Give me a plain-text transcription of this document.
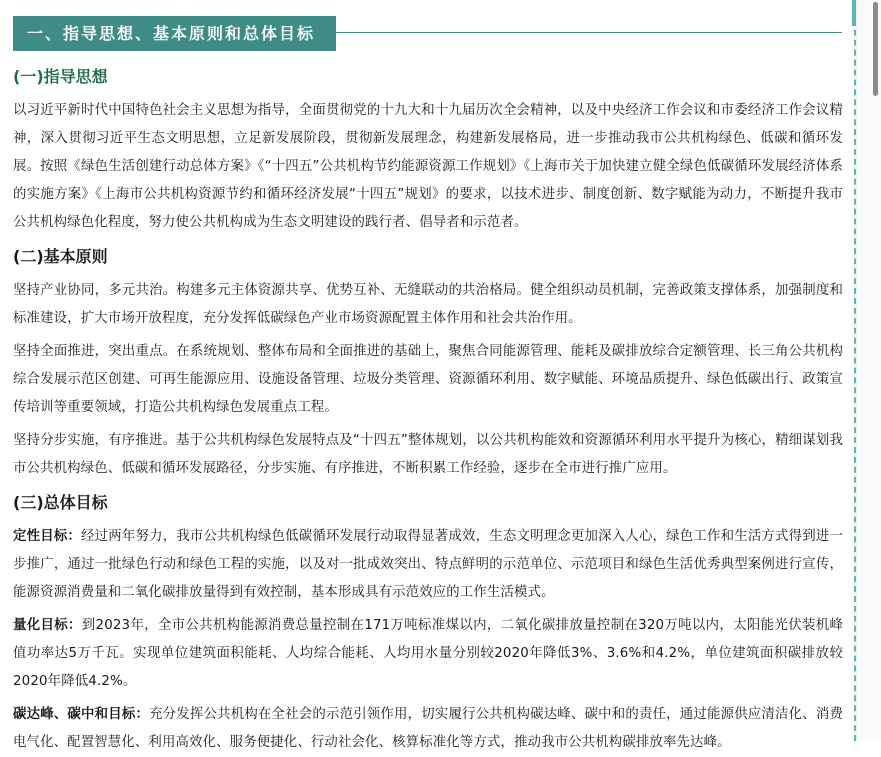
一、指导思想、基本原则和总体目标

(一)指导思想

以习近平新时代中国特色社会主义思想为指导，全面贯彻党的十九大和十九届历次全会精神，以及中央经济工作会议和市委经济工作会议精神，深入贯彻习近平生态文明思想，立足新发展阶段，贯彻新发展理念，构建新发展格局，进一步推动我市公共机构绿色、低碳和循环发展。按照《绿色生活创建行动总体方案》《“十四五”公共机构节约能源资源工作规划》《上海市关于加快建立健全绿色低碳循环发展经济体系的实施方案》《上海市公共机构资源节约和循环经济发展“十四五”规划》的要求，以技术进步、制度创新、数字赋能为动力，不断提升我市公共机构绿色化程度，努力使公共机构成为生态文明建设的践行者、倡导者和示范者。

(二)基本原则

坚持产业协同，多元共治。构建多元主体资源共享、优势互补、无缝联动的共治格局。健全组织动员机制，完善政策支撑体系，加强制度和标准建设，扩大市场开放程度，充分发挥低碳绿色产业市场资源配置主体作用和社会共治作用。

坚持全面推进，突出重点。在系统规划、整体布局和全面推进的基础上，聚焦合同能源管理、能耗及碳排放综合定额管理、长三角公共机构综合发展示范区创建、可再生能源应用、设施设备管理、垃圾分类管理、资源循环利用、数字赋能、环境品质提升、绿色低碳出行、政策宣传培训等重要领域，打造公共机构绿色发展重点工程。

坚持分步实施，有序推进。基于公共机构绿色发展特点及“十四五”整体规划，以公共机构能效和资源循环利用水平提升为核心，精细谋划我市公共机构绿色、低碳和循环发展路径，分步实施、有序推进，不断积累工作经验，逐步在全市进行推广应用。

(三)总体目标

定性目标：经过两年努力，我市公共机构绿色低碳循环发展行动取得显著成效，生态文明理念更加深入人心，绿色工作和生活方式得到进一步推广，通过一批绿色行动和绿色工程的实施，以及对一批成效突出、特点鲜明的示范单位、示范项目和绿色生活优秀典型案例进行宣传，能源资源消费量和二氧化碳排放量得到有效控制，基本形成具有示范效应的工作生活模式。

量化目标：到2023年，全市公共机构能源消费总量控制在171万吨标准煤以内，二氧化碳排放量控制在320万吨以内，太阳能光伏装机峰值功率达5万千瓦。实现单位建筑面积能耗、人均综合能耗、人均用水量分别较2020年降低3%、3.6%和4.2%，单位建筑面积碳排放较2020年降低4.2%。

碳达峰、碳中和目标：充分发挥公共机构在全社会的示范引领作用，切实履行公共机构碳达峰、碳中和的责任，通过能源供应清洁化、消费电气化、配置智慧化、利用高效化、服务便捷化、行动社会化、核算标准化等方式，推动我市公共机构碳排放率先达峰。
